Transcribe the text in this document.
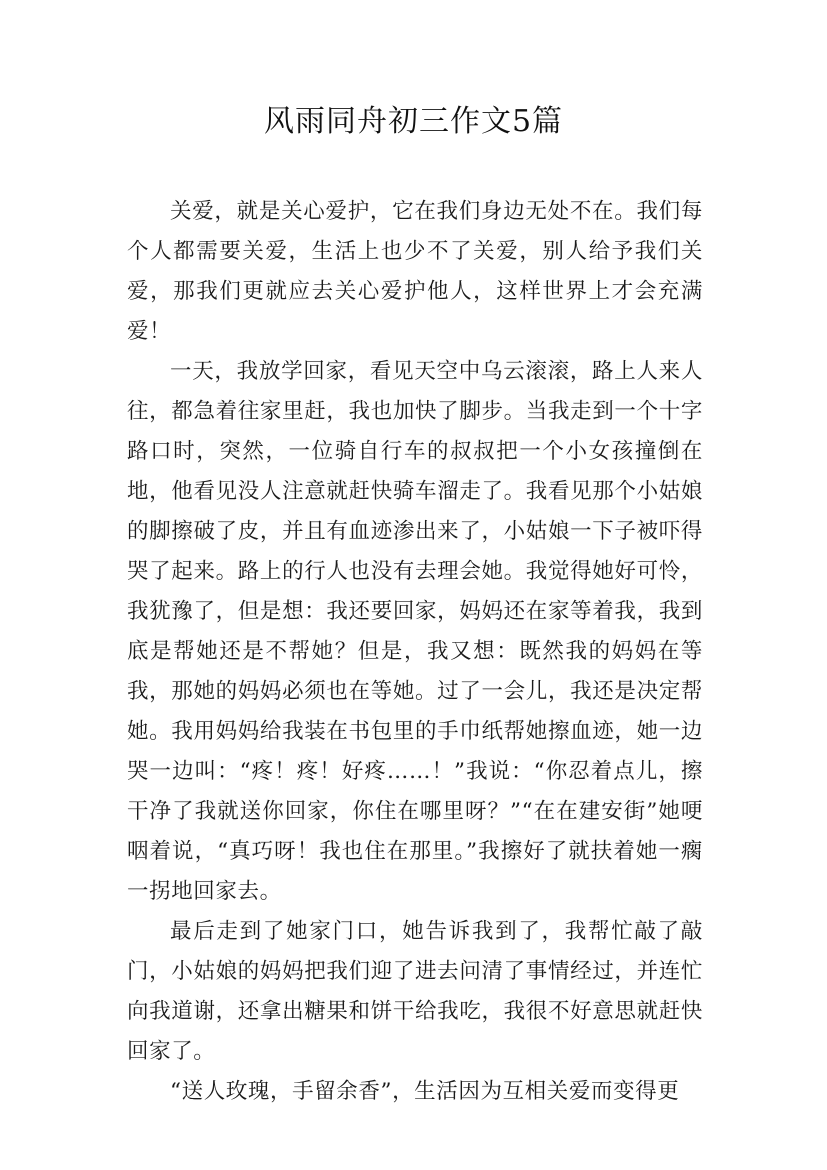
风雨同舟初三作文5篇

关爱，就是关心爱护，它在我们身边无处不在。我们每个人都需要关爱，生活上也少不了关爱，别人给予我们关爱，那我们更就应去关心爱护他人，这样世界上才会充满爱！

一天，我放学回家，看见天空中乌云滚滚，路上人来人往，都急着往家里赶，我也加快了脚步。当我走到一个十字路口时，突然，一位骑自行车的叔叔把一个小女孩撞倒在地，他看见没人注意就赶快骑车溜走了。我看见那个小姑娘的脚擦破了皮，并且有血迹渗出来了，小姑娘一下子被吓得哭了起来。路上的行人也没有去理会她。我觉得她好可怜，我犹豫了，但是想：我还要回家，妈妈还在家等着我，我到底是帮她还是不帮她？但是，我又想：既然我的妈妈在等我，那她的妈妈必须也在等她。过了一会儿，我还是决定帮她。我用妈妈给我装在书包里的手巾纸帮她擦血迹，她一边哭一边叫：“疼！疼！好疼……！”我说：“你忍着点儿，擦干净了我就送你回家，你住在哪里呀？”“在在建安街”她哽咽着说，“真巧呀！我也住在那里。”我擦好了就扶着她一瘸一拐地回家去。

最后走到了她家门口，她告诉我到了，我帮忙敲了敲门，小姑娘的妈妈把我们迎了进去问清了事情经过，并连忙向我道谢，还拿出糖果和饼干给我吃，我很不好意思就赶快回家了。

“送人玫瑰，手留余香”，生活因为互相关爱而变得更
